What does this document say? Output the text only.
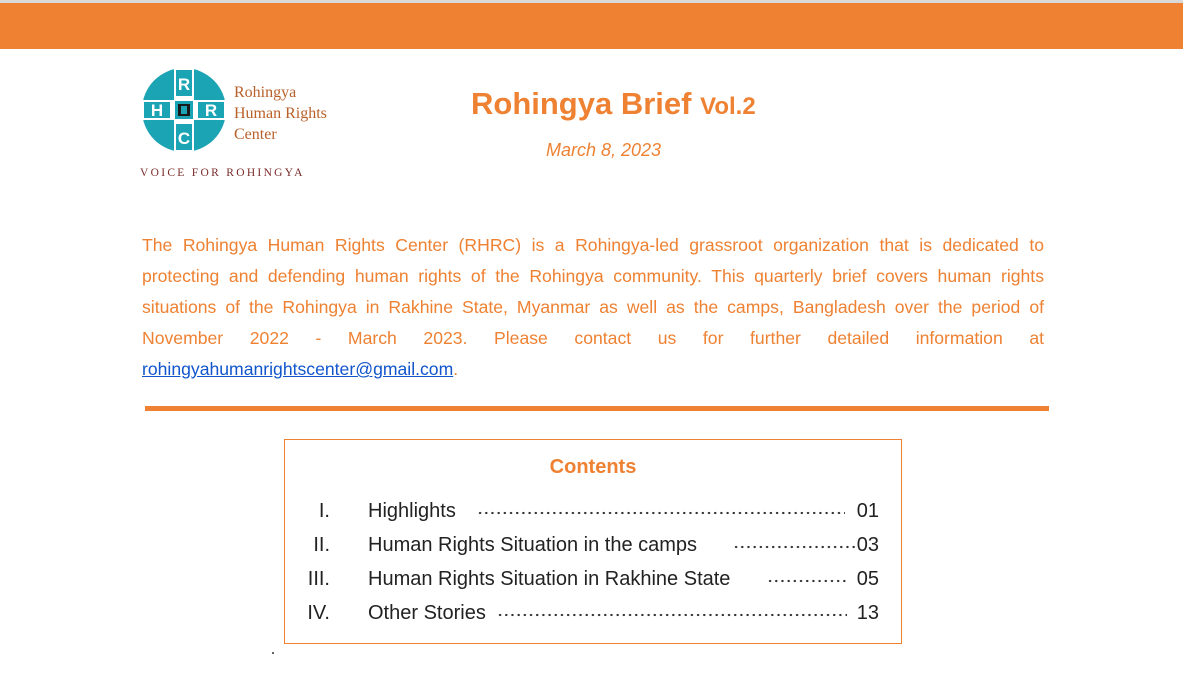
R
H R
C
Rohingya
Human Rights
Center
VOICE FOR ROHINGYA
Rohingya Brief Vol.2
March 8, 2023
The Rohingya Human Rights Center (RHRC) is a Rohingya-led grassroot organization that is dedicated to protecting and defending human rights of the Rohingya community. This quarterly brief covers human rights situations of the Rohingya in Rakhine State, Myanmar as well as the camps, Bangladesh over the period of November 2022 - March 2023. Please contact us for further detailed information at rohingyahumanrightscenter@gmail.com.
Contents
I. Highlights	01
II. Human Rights Situation in the camps	03
III. Human Rights Situation in Rakhine State	05
IV. Other Stories	13
